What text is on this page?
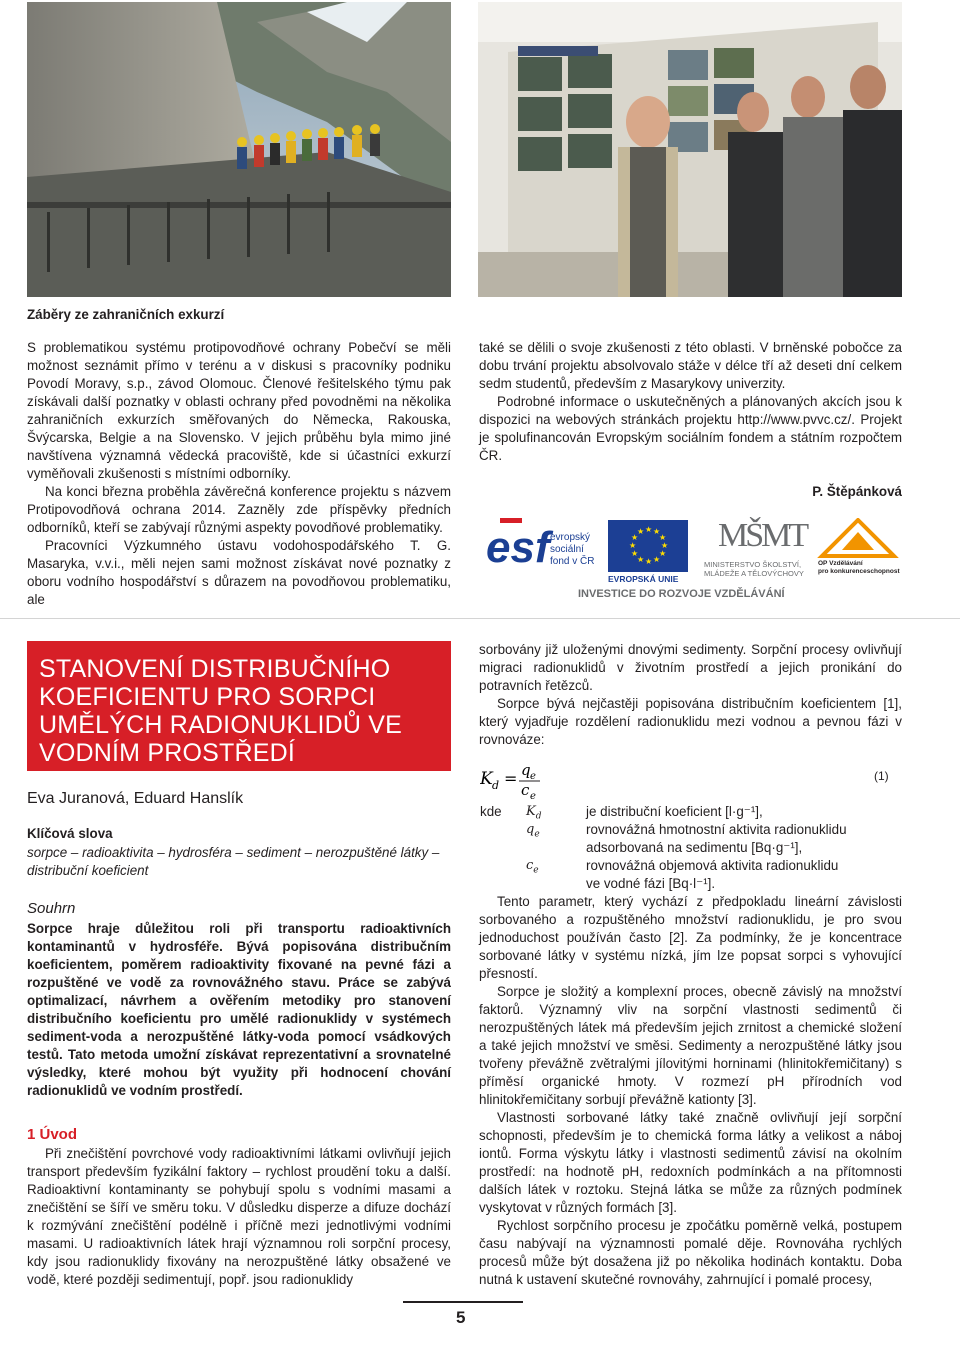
Záběry ze zahraničních exkurzí

S problematikou systému protipovodňové ochrany Pobečví se měli možnost seznámit přímo v terénu a v diskusi s pracovníky podniku Povodí Moravy, s.p., závod Olomouc. Členové řešitelského týmu pak získávali další poznatky v oblasti ochrany před povodněmi na několika zahraničních exkurzích směřovaných do Německa, Rakouska, Švýcarska, Belgie a na Slovensko. V jejich průběhu byla mimo jiné navštívena významná vědecká pracoviště, kde si účastníci exkurzí vyměňovali zkušenosti s místními odborníky.

Na konci března proběhla závěrečná konference projektu s názvem Protipovodňová ochrana 2014. Zazněly zde příspěvky předních odborníků, kteří se zabývají různými aspekty povodňové problematiky.

Pracovníci Výzkumného ústavu vodohospodářského T. G. Masaryka, v.v.i., měli nejen sami možnost získávat nové poznatky z oboru vodního hospodářství s důrazem na povodňovou problematiku, ale

také se dělili o svoje zkušenosti z této oblasti. V brněnské pobočce za dobu trvání projektu absolvovalo stáže v délce tří až deseti dní celkem sedm studentů, především z Masarykovy univerzity.

Podrobné informace o uskutečněných a plánovaných akcích jsou k dispozici na webových stránkách projektu http://www.pvvc.cz/. Projekt je spolufinancován Evropským sociálním fondem a státním rozpočtem ČR.

P. Štěpánková
esf evropský
sociální
fond v ČR
★ ★
★
★
★
★
★
★
★
★
★
★
EVROPSKÁ UNIE
MŠMT
MINISTERSTVO ŠKOLSTVÍ,
MLÁDEŽE A TĚLOVÝCHOVY
OP Vzdělávání
pro konkurenceschopnost
INVESTICE DO ROZVOJE VZDĚLÁVÁNÍ
STANOVENÍ DISTRIBUČNÍHO KOEFICIENTU PRO SORPCI UMĚLÝCH RADIONUKLIDŮ VE VODNÍM PROSTŘEDÍ
Eva Juranová, Eduard Hanslík
Klíčová slova
sorpce – radioaktivita – hydrosféra – sediment – nerozpuštěné látky – distribuční koeficient
Souhrn
Sorpce hraje důležitou roli při transportu radioaktivních kontaminantů v hydrosféře. Bývá popisována distribučním koeficientem, poměrem radioaktivity fixované na pevné fázi a rozpuštěné ve vodě za rovnovážného stavu. Práce se zabývá optimalizací, návrhem a ověřením metodiky pro stanovení distribučního koeficientu pro umělé radionuklidy v systémech sediment-voda a nerozpuštěné látky-voda pomocí vsádkových testů. Tato metoda umožní získávat reprezentativní a srovnatelné výsledky, které mohou být využity při hodnocení chování radionuklidů ve vodním prostředí.
1 Úvod

Při znečištění povrchové vody radioaktivními látkami ovlivňují jejich transport především fyzikální faktory – rychlost proudění toku a další. Radioaktivní kontaminanty se pohybují spolu s vodními masami a znečištění se šíří ve směru toku. V důsledku disperze a difuze dochází k rozmývání znečištění podélně i příčně mezi jednotlivými vodními masami. U radioaktivních látek hrají významnou roli sorpční procesy, kdy jsou radionuklidy fixovány na nerozpuštěné látky obsažené ve vodě, které později sedimentují, popř. jsou radionuklidy

sorbovány již uloženými dnovými sedimenty. Sorpční procesy ovlivňují migraci radionuklidů v životním prostředí a jejich pronikání do potravních řetězců.

Sorpce bývá nejčastěji popisována distribučním koeficientem [1], který vyjadřuje rozdělení radionuklidu mezi vodnou a pevnou fázi v rovnováze:

K d = q e
c e
(1)
kde $K_d$	je distribuční koeficient [l·g⁻¹],
$q_e$	rovnovážná hmotnostní aktivita radionuklidu
adsorbovaná na sedimentu [Bq·g⁻¹],
$c_e$	rovnovážná objemová aktivita radionuklidu
ve vodné fázi [Bq·l⁻¹].

Tento parametr, který vychází z předpokladu lineární závislosti sorbovaného a rozpuštěného množství radionuklidu, je pro svou jednoduchost používán často [2]. Za podmínky, že je koncentrace sorbované látky v systému nízká, jím lze popsat sorpci s vyhovující přesností.

Sorpce je složitý a komplexní proces, obecně závislý na množství faktorů. Významný vliv na sorpční vlastnosti sedimentů či nerozpuštěných látek má především jejich zrnitost a chemické složení a také jejich množství ve směsi. Sedimenty a nerozpuštěné látky jsou tvořeny převážně zvětralými jílovitými horninami (hlinitokřemičitany) s příměsí organické hmoty. V rozmezí pH přírodních vod hlinitokřemičitany sorbují převážně kationty [3].

Vlastnosti sorbované látky také značně ovlivňují její sorpční schopnosti, především je to chemická forma látky a velikost a náboj iontů. Forma výskytu látky i vlastnosti sedimentů závisí na okolním prostředí: na hodnotě pH, redoxních podmínkách a na přítomnosti dalších látek v roztoku. Stejná látka se může za různých podmínek vyskytovat v různých formách [3].

Rychlost sorpčního procesu je zpočátku poměrně velká, postupem času nabývají na významnosti pomalé děje. Rovnováha rychlých procesů může být dosažena již po několika hodinách kontaktu. Doba nutná k ustavení skutečné rovnováhy, zahrnující i pomalé procesy,

5
